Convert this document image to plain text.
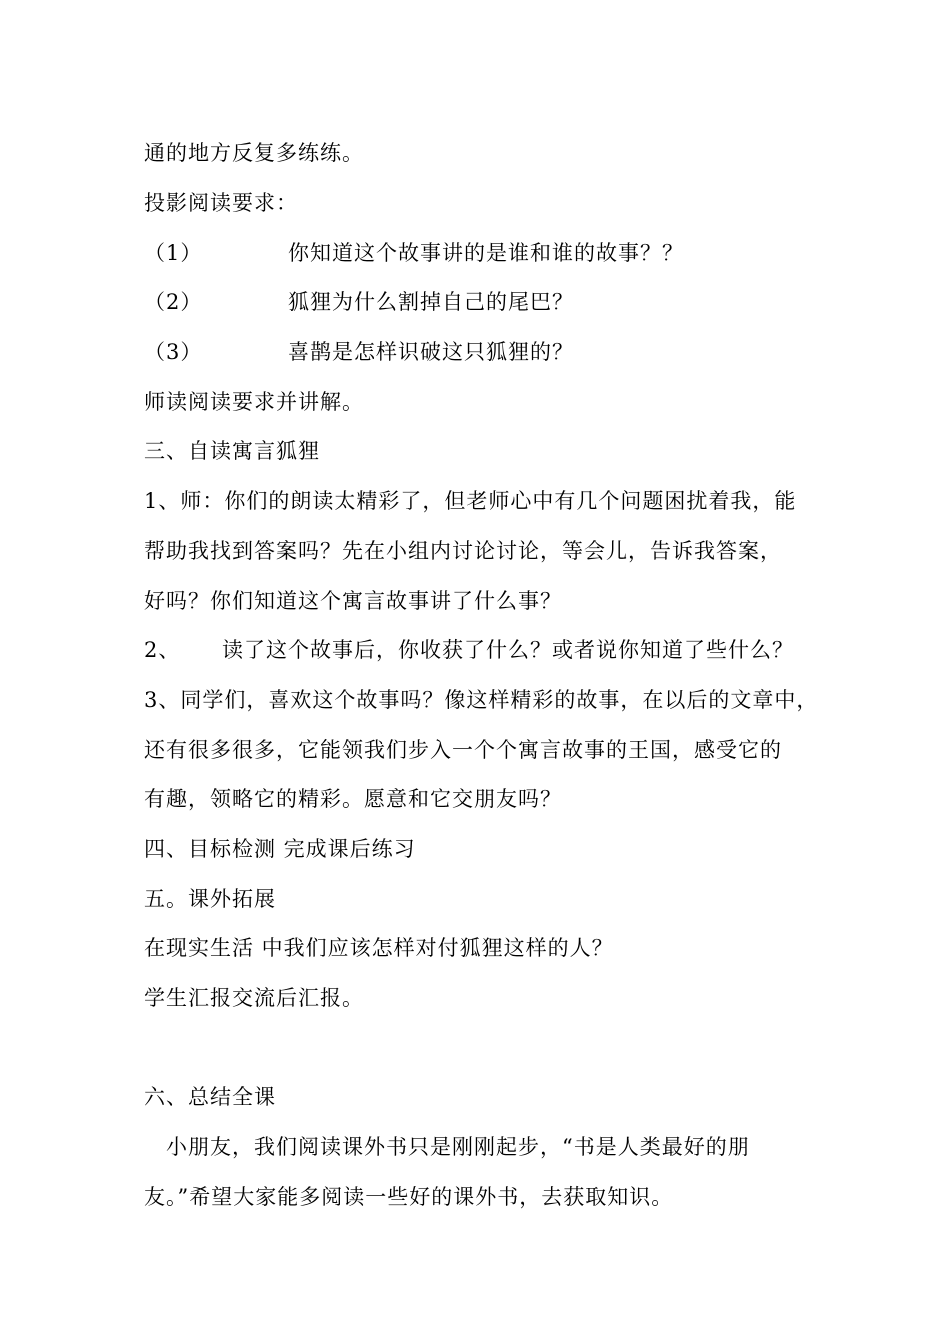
通的地方反复多练练。
投影阅读要求：
（1）	你知道这个故事讲的是谁和谁的故事？？
（2）	狐狸为什么割掉自己的尾巴？
（3）	喜鹊是怎样识破这只狐狸的？
师读阅读要求并讲解。
三、自读寓言狐狸
1、师：你们的朗读太精彩了，但老师心中有几个问题困扰着我，能
帮助我找到答案吗？先在小组内讨论讨论，等会儿，告诉我答案，
好吗？你们知道这个寓言故事讲了什么事？
2、 读了这个故事后，你收获了什么？或者说你知道了些什么？
3、同学们，喜欢这个故事吗？像这样精彩的故事，在以后的文章中，
还有很多很多，它能领我们步入一个个寓言故事的王国，感受它的
有趣，领略它的精彩。愿意和它交朋友吗？
四、目标检测 完成课后练习
五。课外拓展
在现实生活 中我们应该怎样对付狐狸这样的人？
学生汇报交流后汇报。
六、总结全课
　小朋友，我们阅读课外书只是刚刚起步，“书是人类最好的朋
友。”希望大家能多阅读一些好的课外书，去获取知识。
